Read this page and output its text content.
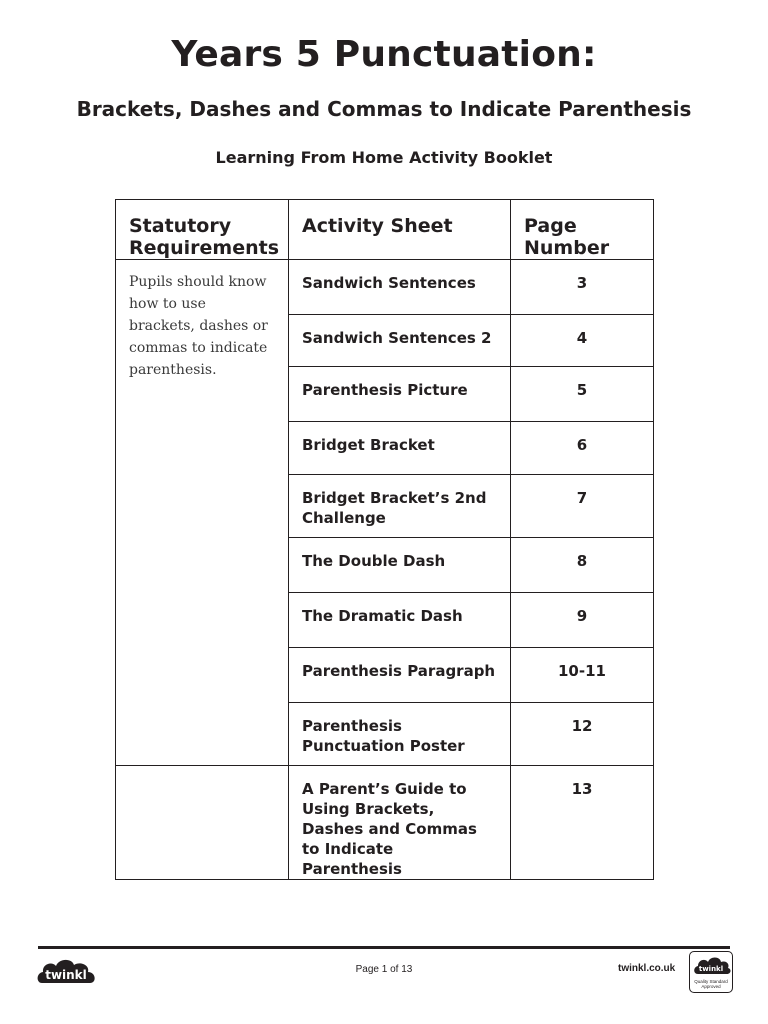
Years 5 Punctuation:
Brackets, Dashes and Commas to Indicate Parenthesis
Learning From Home Activity Booklet
Statutory Requirements	Activity Sheet	Page Number

Pupils should know how to use brackets, dashes or commas to indicate parenthesis.	Sandwich Sentences	3
	Sandwich Sentences 2	4
	Parenthesis Picture	5
	Bridget Bracket	6
	Bridget Bracket’s 2nd Challenge	7
	The Double Dash	8
	The Dramatic Dash	9
	Parenthesis Paragraph	10-11
	Parenthesis Punctuation Poster	12
	A Parent’s Guide to Using Brackets, Dashes and Commas to Indicate Parenthesis	13
twinkl	Page 1 of 13	twinkl.co.uk	twinkl
Quality Standard Approved
